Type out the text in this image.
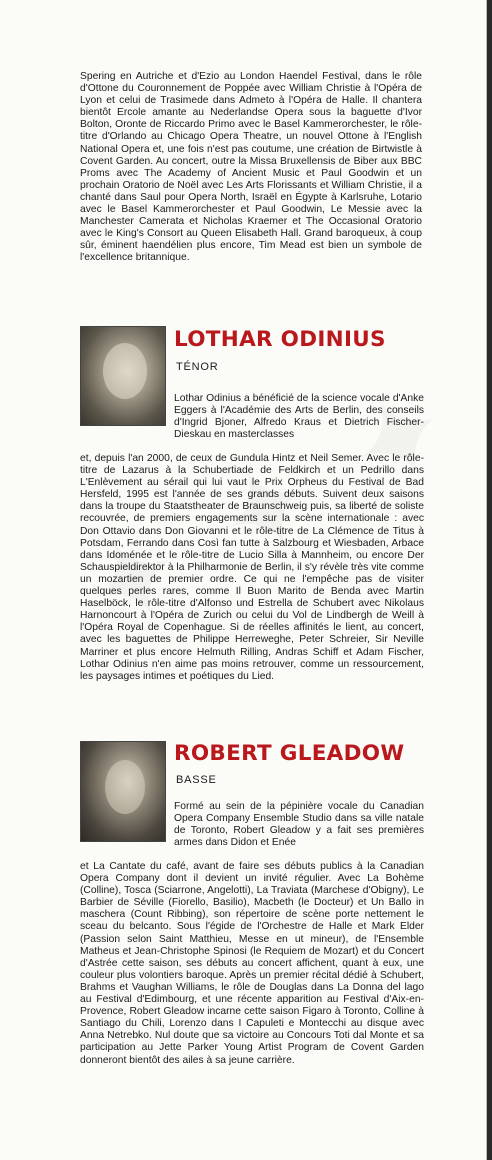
Spering en Autriche et d'Ezio au London Haendel Festival, dans le rôle d'Ottone du Couronnement de Poppée avec William Christie à l'Opéra de Lyon et celui de Trasimede dans Admeto à l'Opéra de Halle. Il chantera bientôt Ercole amante au Nederlandse Opera sous la baguette d'Ivor Bolton, Oronte de Riccardo Primo avec le Basel Kammerorchester, le rôle-titre d'Orlando au Chicago Opera Theatre, un nouvel Ottone à l'English National Opera et, une fois n'est pas coutume, une création de Birtwistle à Covent Garden. Au concert, outre la Missa Bruxellensis de Biber aux BBC Proms avec The Academy of Ancient Music et Paul Goodwin et un prochain Oratorio de Noël avec Les Arts Florissants et William Christie, il a chanté dans Saul pour Opera North, Israël en Égypte à Karlsruhe, Lotario avec le Basel Kammerorchester et Paul Goodwin, Le Messie avec la Manchester Camerata et Nicholas Kraemer et The Occasional Oratorio avec le King's Consort au Queen Elisabeth Hall. Grand baroqueux, à coup sûr, éminent haendélien plus encore, Tim Mead est bien un symbole de l'excellence britannique.

LOTHAR ODINIUS
TÉNOR

Lothar Odinius a bénéficié de la science vocale d'Anke Eggers à l'Académie des Arts de Berlin, des conseils d'Ingrid Bjoner, Alfredo Kraus et Dietrich Fischer-Dieskau en masterclasses

et, depuis l'an 2000, de ceux de Gundula Hintz et Neil Semer. Avec le rôle-titre de Lazarus à la Schubertiade de Feldkirch et un Pedrillo dans L'Enlèvement au sérail qui lui vaut le Prix Orpheus du Festival de Bad Hersfeld, 1995 est l'année de ses grands débuts. Suivent deux saisons dans la troupe du Staatstheater de Braunschweig puis, sa liberté de soliste recouvrée, de premiers engagements sur la scène internationale : avec Don Ottavio dans Don Giovanni et le rôle-titre de La Clémence de Titus à Potsdam, Ferrando dans Così fan tutte à Salzbourg et Wiesbaden, Arbace dans Idoménée et le rôle-titre de Lucio Silla à Mannheim, ou encore Der Schauspieldirektor à la Philharmonie de Berlin, il s'y révèle très vite comme un mozartien de premier ordre. Ce qui ne l'empêche pas de visiter quelques perles rares, comme Il Buon Marito de Benda avec Martin Haselböck, le rôle-titre d'Alfonso und Estrella de Schubert avec Nikolaus Harnoncourt à l'Opéra de Zurich ou celui du Vol de Lindbergh de Weill à l'Opéra Royal de Copenhague. Si de réelles affinités le lient, au concert, avec les baguettes de Philippe Herreweghe, Peter Schreier, Sir Neville Marriner et plus encore Helmuth Rilling, Andras Schiff et Adam Fischer, Lothar Odinius n'en aime pas moins retrouver, comme un ressourcement, les paysages intimes et poétiques du Lied.

ROBERT GLEADOW
BASSE

Formé au sein de la pépinière vocale du Canadian Opera Company Ensemble Studio dans sa ville natale de Toronto, Robert Gleadow y a fait ses premières armes dans Didon et Enée

et La Cantate du café, avant de faire ses débuts publics à la Canadian Opera Company dont il devient un invité régulier. Avec La Bohème (Colline), Tosca (Sciarrone, Angelotti), La Traviata (Marchese d'Obigny), Le Barbier de Séville (Fiorello, Basilio), Macbeth (le Docteur) et Un Ballo in maschera (Count Ribbing), son répertoire de scène porte nettement le sceau du belcanto. Sous l'égide de l'Orchestre de Halle et Mark Elder (Passion selon Saint Matthieu, Messe en ut mineur), de l'Ensemble Matheus et Jean-Christophe Spinosi (le Requiem de Mozart) et du Concert d'Astrée cette saison, ses débuts au concert affichent, quant à eux, une couleur plus volontiers baroque. Après un premier récital dédié à Schubert, Brahms et Vaughan Williams, le rôle de Douglas dans La Donna del lago au Festival d'Edimbourg, et une récente apparition au Festival d'Aix-en-Provence, Robert Gleadow incarne cette saison Figaro à Toronto, Colline à Santiago du Chili, Lorenzo dans I Capuleti e Montecchi au disque avec Anna Netrebko. Nul doute que sa victoire au Concours Toti dal Monte et sa participation au Jette Parker Young Artist Program de Covent Garden donneront bientôt des ailes à sa jeune carrière.
